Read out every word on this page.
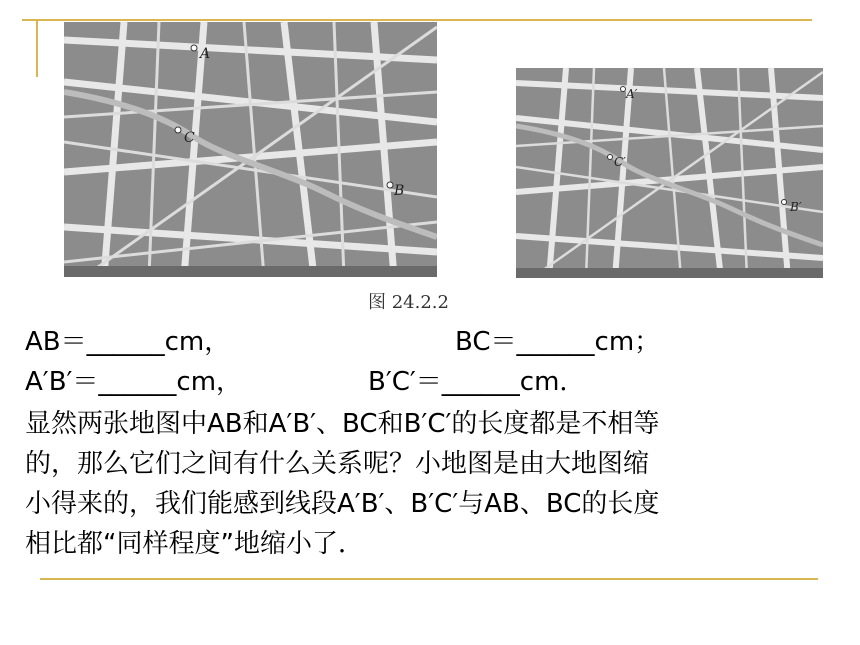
A
C
B
A′
C′
B′
图 24.2.2
AB＝______cm，	BC＝______cm；
A′B′＝______cm，	B′C′＝______cm．
显然两张地图中AB和A′B′、BC和B′C′的长度都是不相等
的，那么它们之间有什么关系呢？小地图是由大地图缩
小得来的，我们能感到线段A′B′、B′C′与AB、BC的长度
相比都“同样程度”地缩小了．
